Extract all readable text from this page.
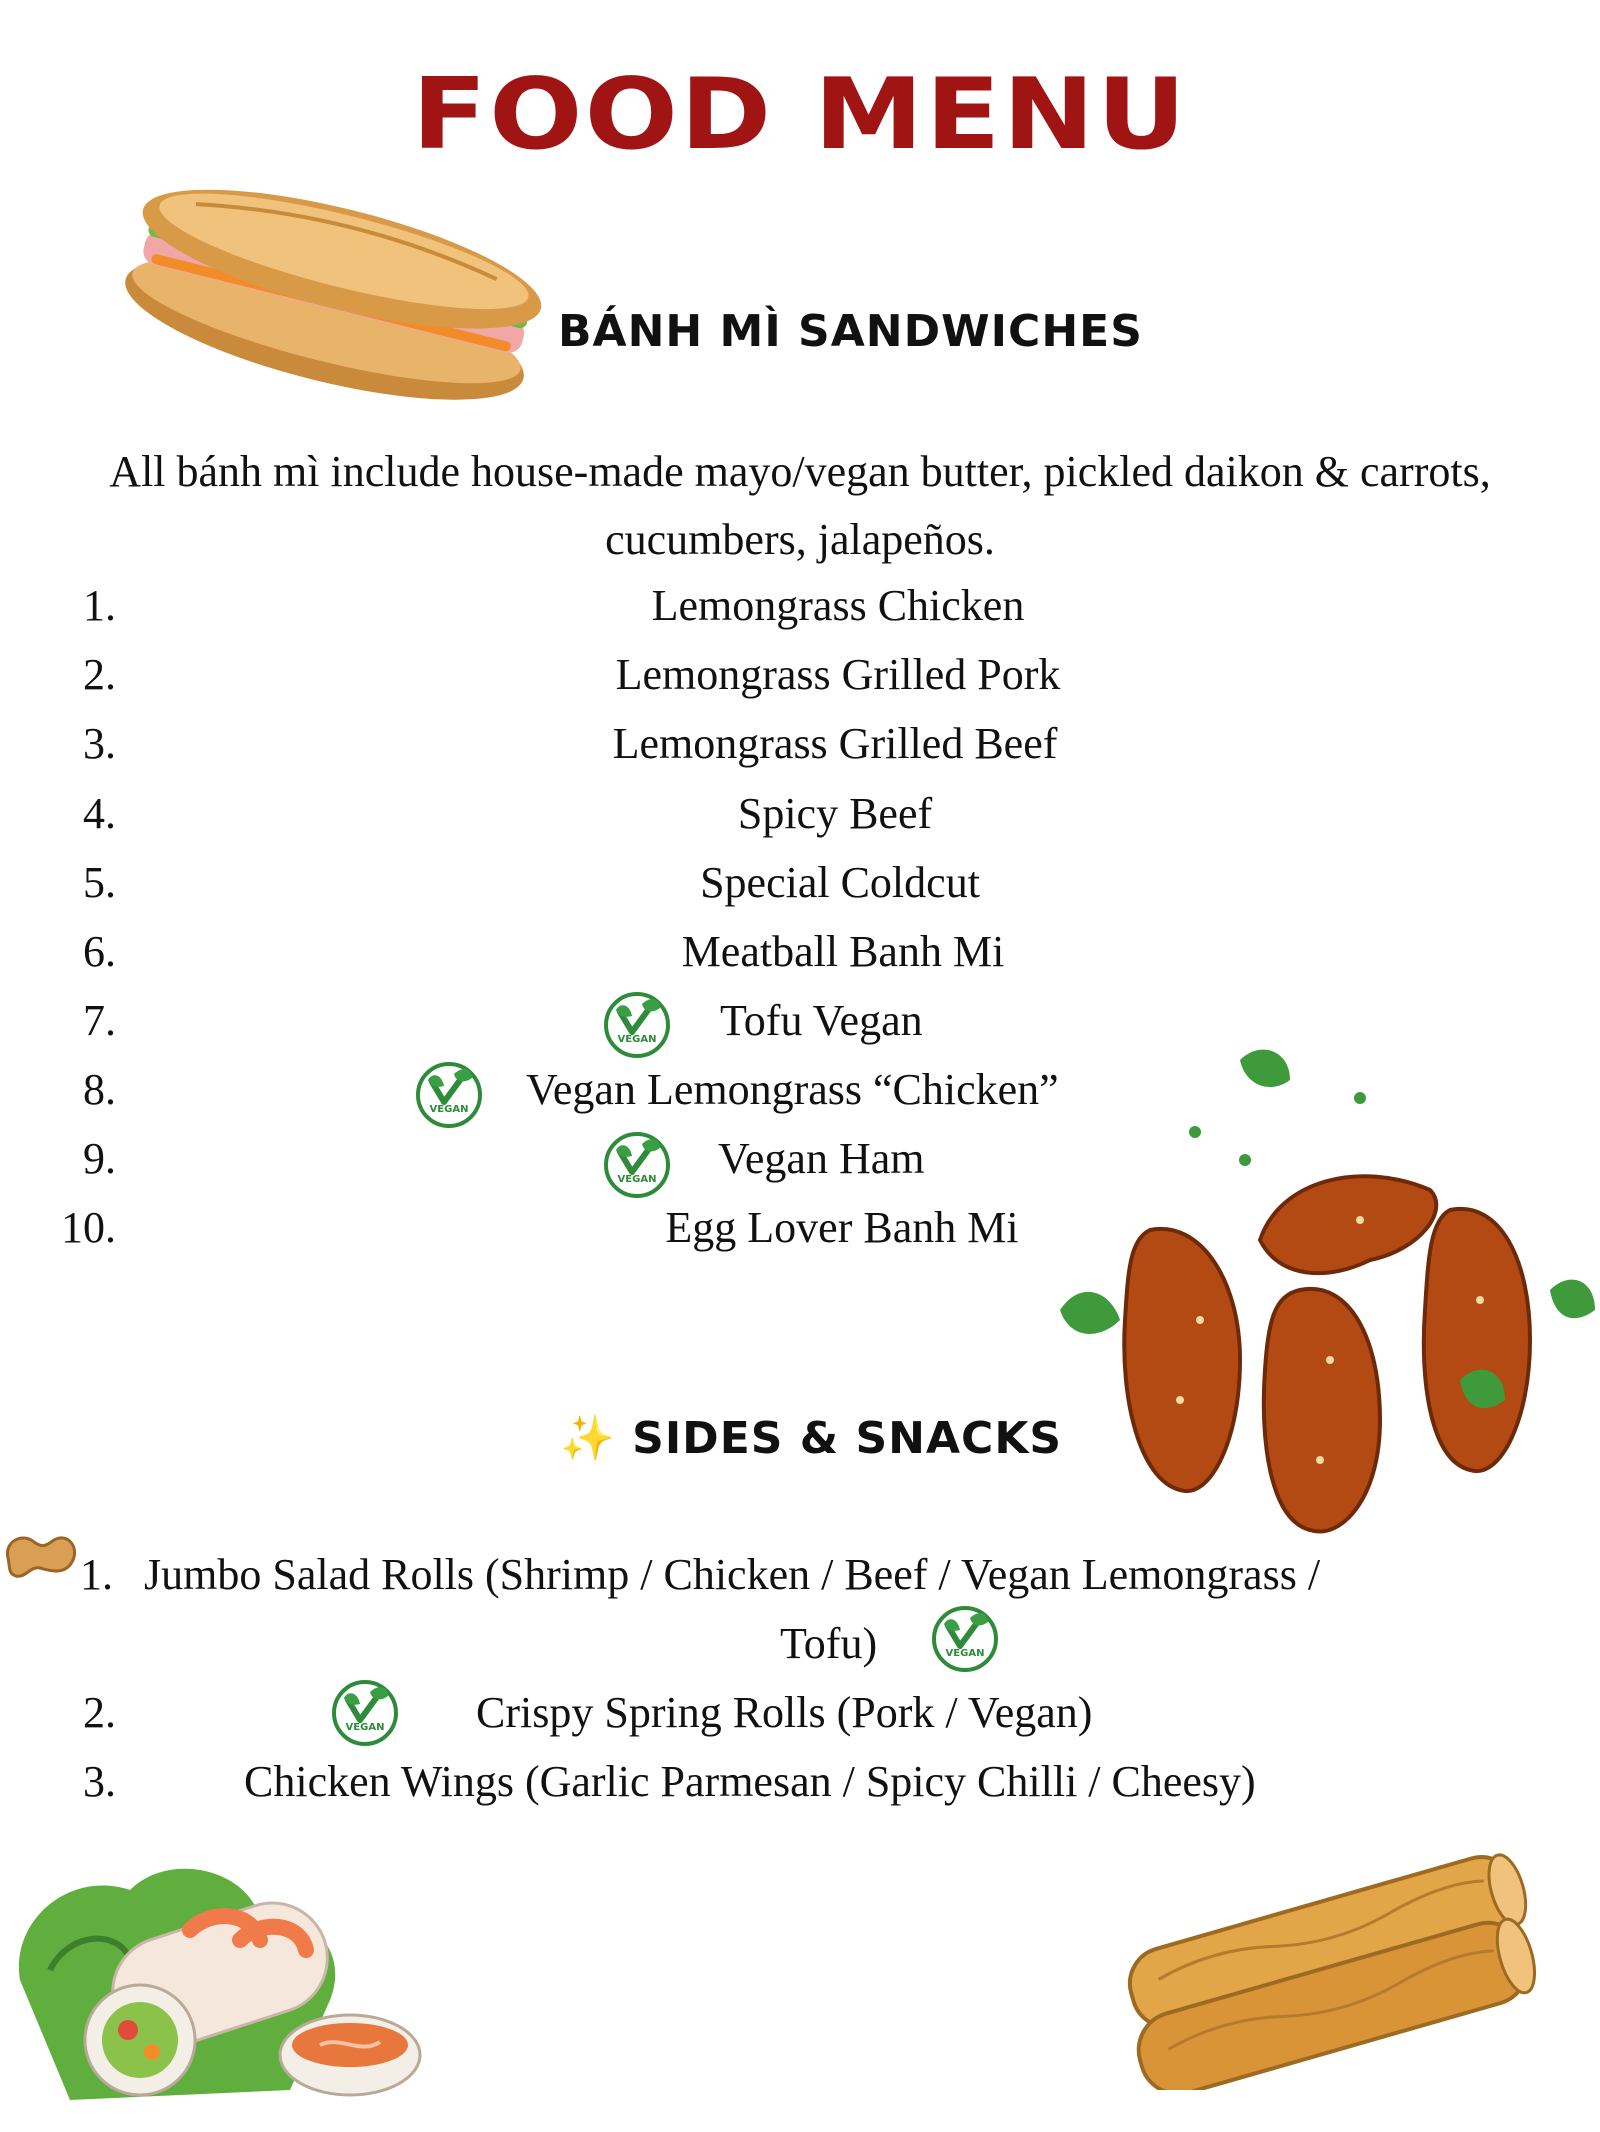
FOOD MENU
BÁNH MÌ SANDWICHES
All bánh mì include house-made mayo/vegan butter, pickled daikon & carrots, cucumbers, jalapeños.
1.	Lemongrass Chicken
2.	Lemongrass Grilled Pork
3.	Lemongrass Grilled Beef
4.	Spicy Beef
5.	Special Coldcut
6.	Meatball Banh Mi
7.	Tofu Vegan
8.	Vegan Lemongrass “Chicken”
9.	Vegan Ham
10.	Egg Lover Banh Mi
✨ SIDES & SNACKS
1. Jumbo Salad Rolls (Shrimp / Chicken / Beef / Vegan Lemongrass /
Tofu)
2.	Crispy Spring Rolls (Pork / Vegan)
3.	Chicken Wings (Garlic Parmesan / Spicy Chilli / Cheesy)
